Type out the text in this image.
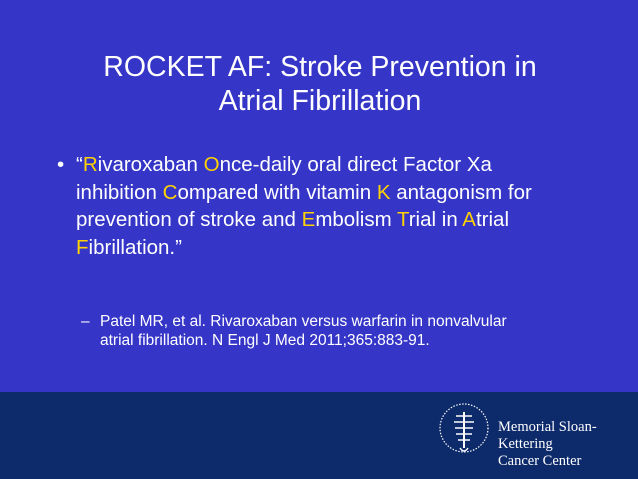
ROCKET AF: Stroke Prevention in
Atrial Fibrillation
• “Rivaroxaban Once-daily oral direct Factor Xa inhibition Compared with vitamin K antagonism for prevention of stroke and Embolism Trial in Atrial Fibrillation.”
– Patel MR, et al. Rivaroxaban versus warfarin in nonvalvular atrial fibrillation. N Engl J Med 2011;365:883-91.
Memorial Sloan-Kettering
Cancer Center
